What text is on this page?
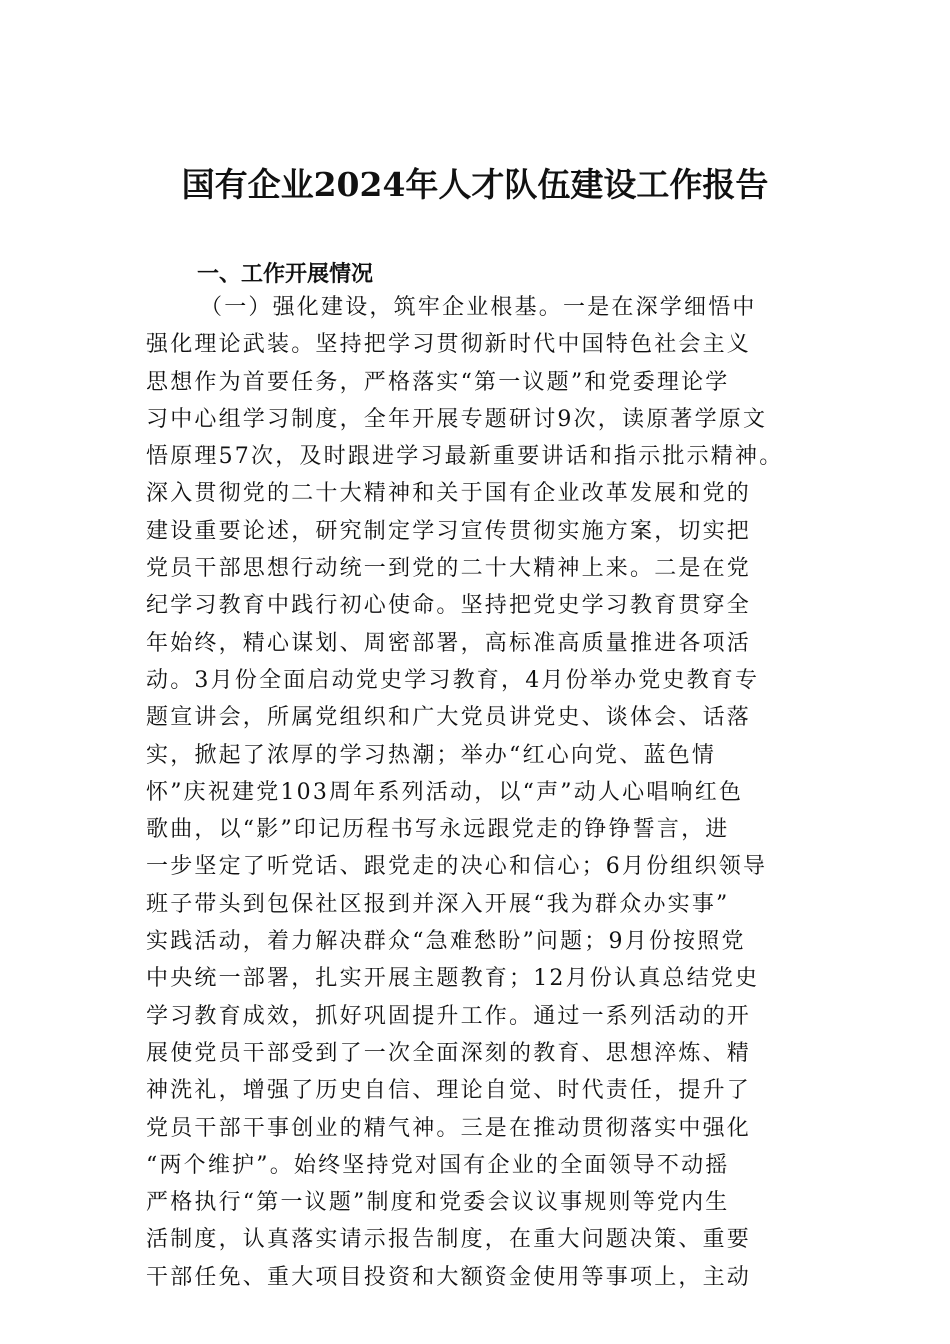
国有企业2024年人才队伍建设工作报告
一、工作开展情况
（一）强化建设，筑牢企业根基。一是在深学细悟中
强化理论武装。坚持把学习贯彻新时代中国特色社会主义
思想作为首要任务，严格落实“第一议题”和党委理论学
习中心组学习制度，全年开展专题研讨9次，读原著学原文
悟原理57次，及时跟进学习最新重要讲话和指示批示精神。
深入贯彻党的二十大精神和关于国有企业改革发展和党的
建设重要论述，研究制定学习宣传贯彻实施方案，切实把
党员干部思想行动统一到党的二十大精神上来。二是在党
纪学习教育中践行初心使命。坚持把党史学习教育贯穿全
年始终，精心谋划、周密部署，高标准高质量推进各项活
动。3月份全面启动党史学习教育，4月份举办党史教育专
题宣讲会，所属党组织和广大党员讲党史、谈体会、话落
实，掀起了浓厚的学习热潮；举办“红心向党、蓝色情
怀”庆祝建党103周年系列活动，以“声”动人心唱响红色
歌曲，以“影”印记历程书写永远跟党走的铮铮誓言，进
一步坚定了听党话、跟党走的决心和信心；6月份组织领导
班子带头到包保社区报到并深入开展“我为群众办实事”
实践活动，着力解决群众“急难愁盼”问题；9月份按照党
中央统一部署，扎实开展主题教育；12月份认真总结党史
学习教育成效，抓好巩固提升工作。通过一系列活动的开
展使党员干部受到了一次全面深刻的教育、思想淬炼、精
神洗礼，增强了历史自信、理论自觉、时代责任，提升了
党员干部干事创业的精气神。三是在推动贯彻落实中强化
“两个维护”。始终坚持党对国有企业的全面领导不动摇
严格执行“第一议题”制度和党委会议议事规则等党内生
活制度，认真落实请示报告制度，在重大问题决策、重要
干部任免、重大项目投资和大额资金使用等事项上，主动
